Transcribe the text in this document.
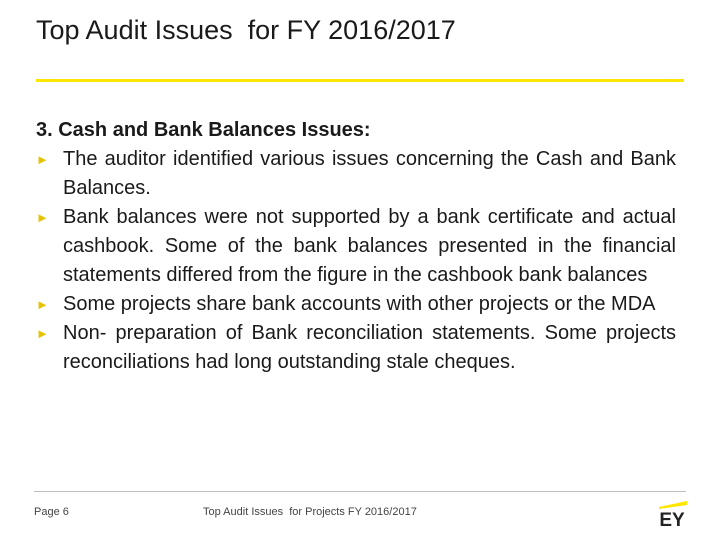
Top Audit Issues  for FY 2016/2017
3. Cash and Bank Balances Issues:
► The auditor identified various issues concerning the Cash and Bank Balances.
► Bank balances were not supported by a bank certificate and actual cashbook. Some of the bank balances presented in the financial statements differed from the figure in the cashbook bank balances
► Some projects share bank accounts with other projects or the MDA
► Non- preparation of Bank reconciliation statements. Some projects reconciliations had long outstanding stale cheques.
Page 6	Top Audit Issues  for Projects FY 2016/2017	EY
